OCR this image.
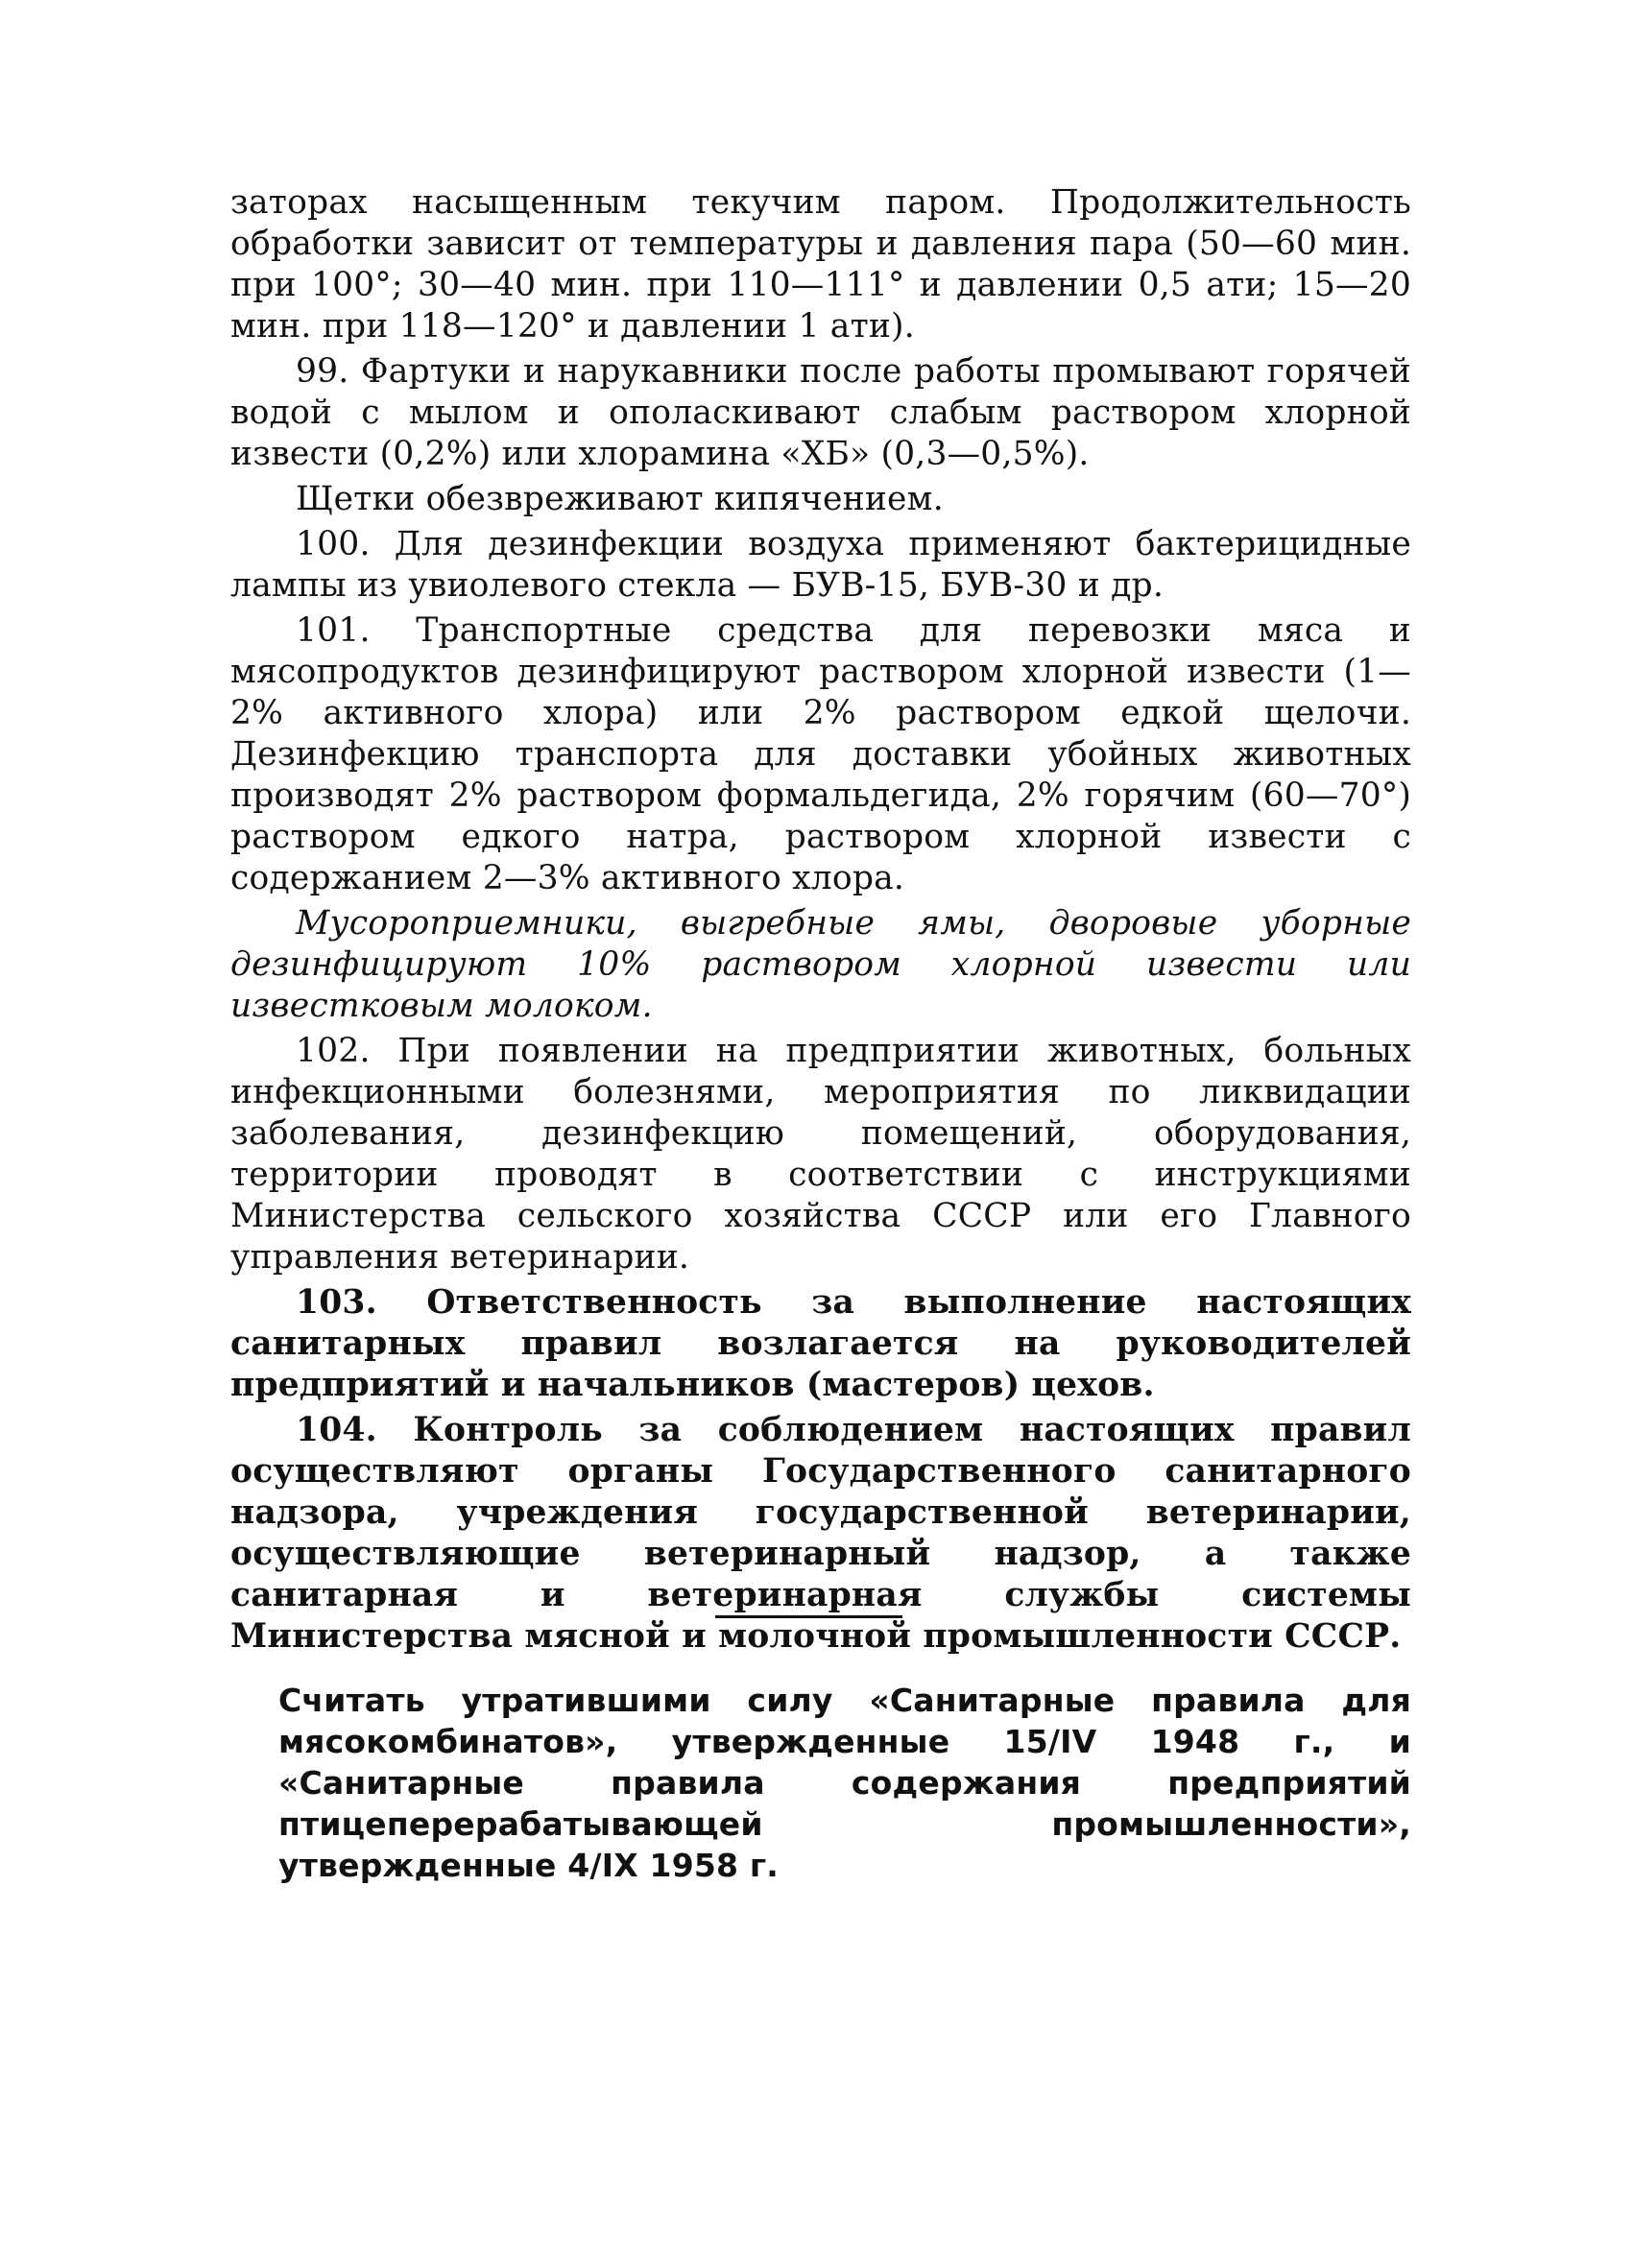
заторах насыщенным текучим паром. Продолжительность обработки зависит от температуры и давления пара (50—60 мин. при 100°; 30—40 мин. при 110—111° и давлении 0,5 ати; 15—20 мин. при 118—120° и давлении 1 ати).

99. Фартуки и нарукавники после работы промывают горячей водой с мылом и ополаскивают слабым раствором хлорной извести (0,2%) или хлорамина «ХБ» (0,3—0,5%).

Щетки обезвреживают кипячением.

100. Для дезинфекции воздуха применяют бактерицидные лампы из увиолевого стекла — БУВ-15, БУВ-30 и др.

101. Транспортные средства для перевозки мяса и мясопродуктов дезинфицируют раствором хлорной извести (1—2% активного хлора) или 2% раствором едкой щелочи. Дезинфекцию транспорта для доставки убойных животных производят 2% раствором формальдегида, 2% горячим (60—70°) раствором едкого натра, раствором хлорной извести с содержанием 2—3% активного хлора.

Мусороприемники, выгребные ямы, дворовые уборные дезинфицируют 10% раствором хлорной извести или известковым молоком.

102. При появлении на предприятии животных, больных инфекционными болезнями, мероприятия по ликвидации заболевания, дезинфекцию помещений, оборудования, территории проводят в соответствии с инструкциями Министерства сельского хозяйства СССР или его Главного управления ветеринарии.

103. Ответственность за выполнение настоящих санитарных правил возлагается на руководителей предприятий и начальников (мастеров) цехов.

104. Контроль за соблюдением настоящих правил осуществляют органы Государственного санитарного надзора, учреждения государственной ветеринарии, осуществляющие ветеринарный надзор, а также санитарная и ветеринарная службы системы Министерства мясной и молочной промышленности СССР.

Считать утратившими силу «Санитарные правила для мясокомбинатов», утвержденные 15/IV 1948 г., и «Санитарные правила содержания предприятий птицеперерабатывающей промышленности», утвержденные 4/IX 1958 г.
